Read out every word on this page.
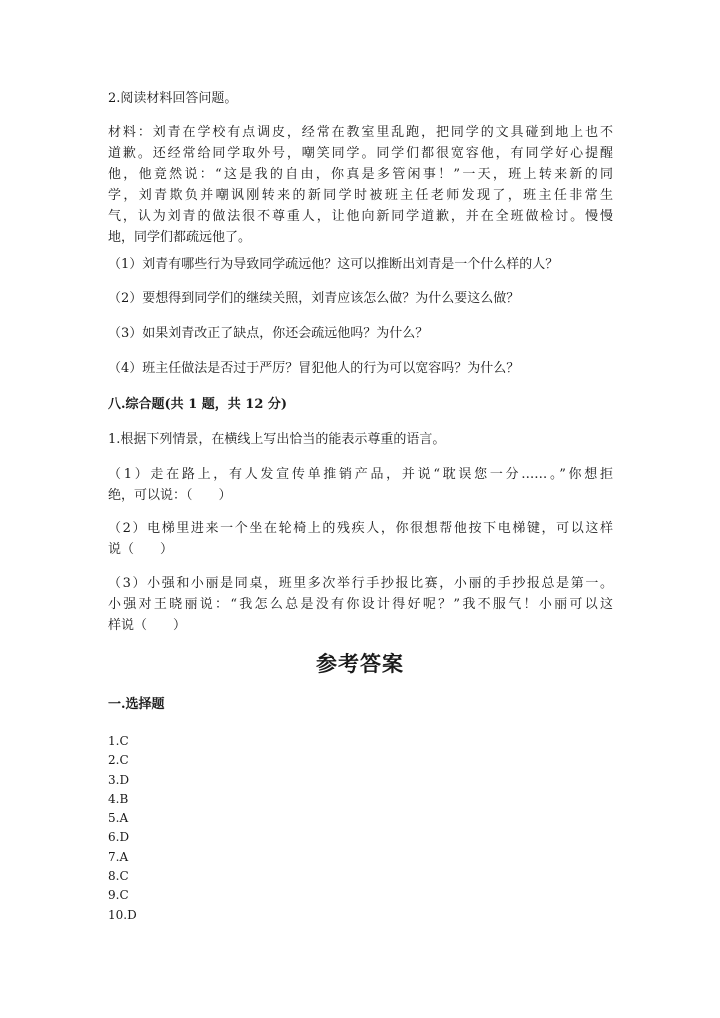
2.阅读材料回答问题。

材料：刘青在学校有点调皮，经常在教室里乱跑，把同学的文具碰到地上也不
道歉。还经常给同学取外号，嘲笑同学。同学们都很宽容他，有同学好心提醒
他，他竟然说：“这是我的自由，你真是多管闲事！”一天，班上转来新的同
学，刘青欺负并嘲讽刚转来的新同学时被班主任老师发现了，班主任非常生
气，认为刘青的做法很不尊重人，让他向新同学道歉，并在全班做检讨。慢慢
地，同学们都疏远他了。

（1）刘青有哪些行为导致同学疏远他？这可以推断出刘青是一个什么样的人？

（2）要想得到同学们的继续关照，刘青应该怎么做？为什么要这么做？

（3）如果刘青改正了缺点，你还会疏远他吗？为什么？

（4）班主任做法是否过于严厉？冒犯他人的行为可以宽容吗？为什么？

八.综合题(共 1 题，共 12 分)

1.根据下列情景，在横线上写出恰当的能表示尊重的语言。

（1）走在路上，有人发宣传单推销产品，并说“耽误您一分……。”你想拒
绝，可以说：（　　）

（2）电梯里进来一个坐在轮椅上的残疾人，你很想帮他按下电梯键，可以这样
说（　　）

（3）小强和小丽是同桌，班里多次举行手抄报比赛，小丽的手抄报总是第一。
小强对王晓丽说：“我怎么总是没有你设计得好呢？”我不服气！小丽可以这
样说（　　）

参考答案

一.选择题

1.C
2.C
3.D
4.B
5.A
6.D
7.A
8.C
9.C
10.D
